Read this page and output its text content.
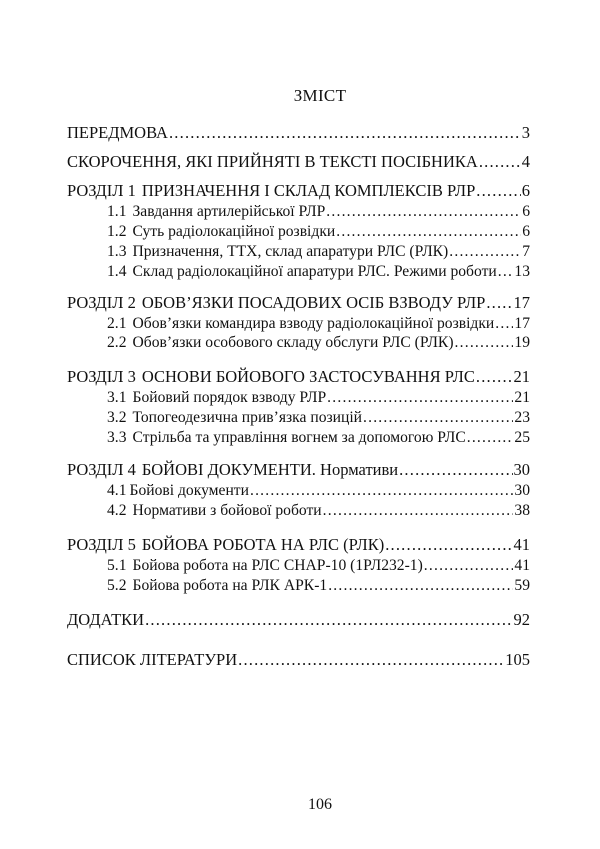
ЗМІСТ
ПЕРЕДМОВА .....	3
СКОРОЧЕННЯ, ЯКІ ПРИЙНЯТІ В ТЕКСТІ ПОСІБНИКА .....	4
РОЗДІЛ 1 ПРИЗНАЧЕННЯ І СКЛАД КОМПЛЕКСІВ РЛР .....	6
1.1 Завдання артилерійської РЛР .....	6
1.2 Суть радіолокаційної розвідки .....	6
1.3 Призначення, ТТХ, склад апаратури РЛС (РЛК) .....	7
1.4 Склад радіолокаційної апаратури РЛС. Режими роботи ..... 13
РОЗДІЛ 2 ОБОВ’ЯЗКИ ПОСАДОВИХ ОСІБ ВЗВОДУ РЛР ..... 17
2.1 Обов’язки командира взводу радіолокаційної розвідки ..... 17
2.2 Обов’язки особового складу обслуги РЛС (РЛК) .....	19
РОЗДІЛ 3 ОСНОВИ БОЙОВОГО ЗАСТОСУВАННЯ РЛС ..... 21
3.1 Бойовий порядок взводу РЛР .....	21
3.2 Топогеодезична прив’язка позицій .....	23
3.3 Стрільба та управління вогнем за допомогою РЛС .....	25
РОЗДІЛ 4 БОЙОВІ ДОКУМЕНТИ. Нормативи .....	30
4.1 Бойові документи .....	30
4.2 Нормативи з бойової роботи .....	38
РОЗДІЛ 5 БОЙОВА РОБОТА НА РЛС (РЛК) .....	41
5.1 Бойова робота на РЛС СНАР-10 (1РЛ232-1) .....	41
5.2 Бойова робота на РЛК АРК-1 .....	59
ДОДАТКИ .....	92
СПИСОК ЛІТЕРАТУРИ .....	105
106
